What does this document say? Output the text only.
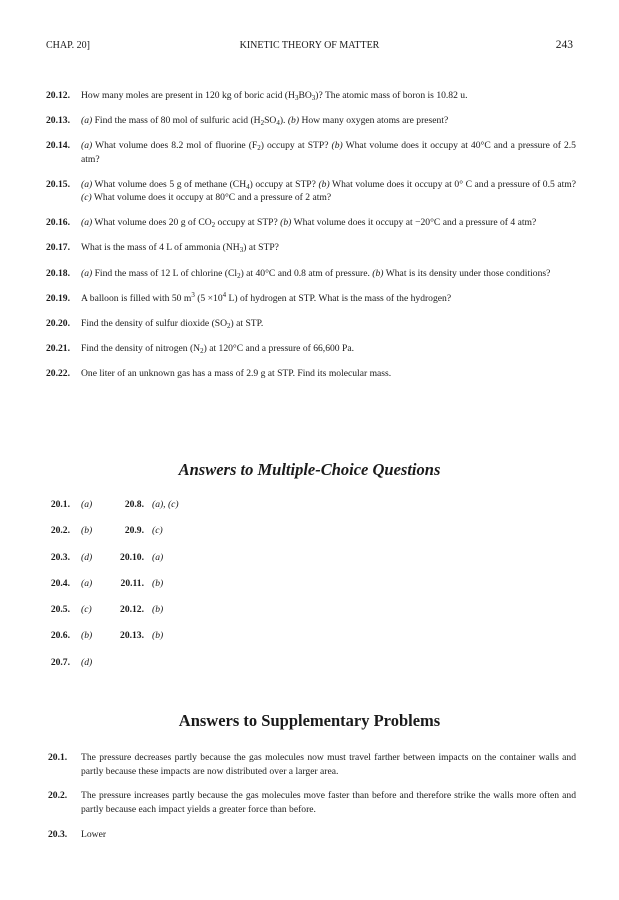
CHAP. 20]	KINETIC THEORY OF MATTER	243
20.12.	How many moles are present in 120 kg of boric acid $(H_3BO_3)$? The atomic mass of boron is 10.82 u.
20.13.	(a) Find the mass of 80 mol of sulfuric acid $(H_2SO_4)$. (b) How many oxygen atoms are present?
20.14.	(a) What volume does 8.2 mol of fluorine $(F_2)$ occupy at STP? (b) What volume does it occupy at 40°C and a pressure of 2.5 atm?
20.15.	(a) What volume does 5 g of methane $(CH_4)$ occupy at STP? (b) What volume does it occupy at 0° C and a pressure of 0.5 atm? (c) What volume does it occupy at 80°C and a pressure of 2 atm?
20.16.	(a) What volume does 20 g of $CO_2$ occupy at STP? (b) What volume does it occupy at −20°C and a pressure of 4 atm?
20.17.	What is the mass of 4 L of ammonia $(NH_3)$ at STP?
20.18.	(a) Find the mass of 12 L of chlorine $(Cl_2)$ at 40°C and 0.8 atm of pressure. (b) What is its density under those conditions?
20.19.	A balloon is filled with 50 $m^3$ ($5 \times 10^4$ L) of hydrogen at STP. What is the mass of the hydrogen?
20.20.	Find the density of sulfur dioxide $(SO_2)$ at STP.
20.21.	Find the density of nitrogen $(N_2)$ at 120°C and a pressure of 66,600 Pa.
20.22.	One liter of an unknown gas has a mass of 2.9 g at STP. Find its molecular mass.
Answers to Multiple-Choice Questions
20.1. (a)	20.8. (a), (c)
20.2. (b)	20.9. (c)
20.3. (d)	20.10. (a)
20.4. (a)	20.11. (b)
20.5. (c)	20.12. (b)
20.6. (b)	20.13. (b)
20.7. (d)
Answers to Supplementary Problems
20.1.	The pressure decreases partly because the gas molecules now must travel farther between impacts on the container walls and partly because these impacts are now distributed over a larger area.
20.2.	The pressure increases partly because the gas molecules move faster than before and therefore strike the walls more often and partly because each impact yields a greater force than before.
20.3.	Lower
